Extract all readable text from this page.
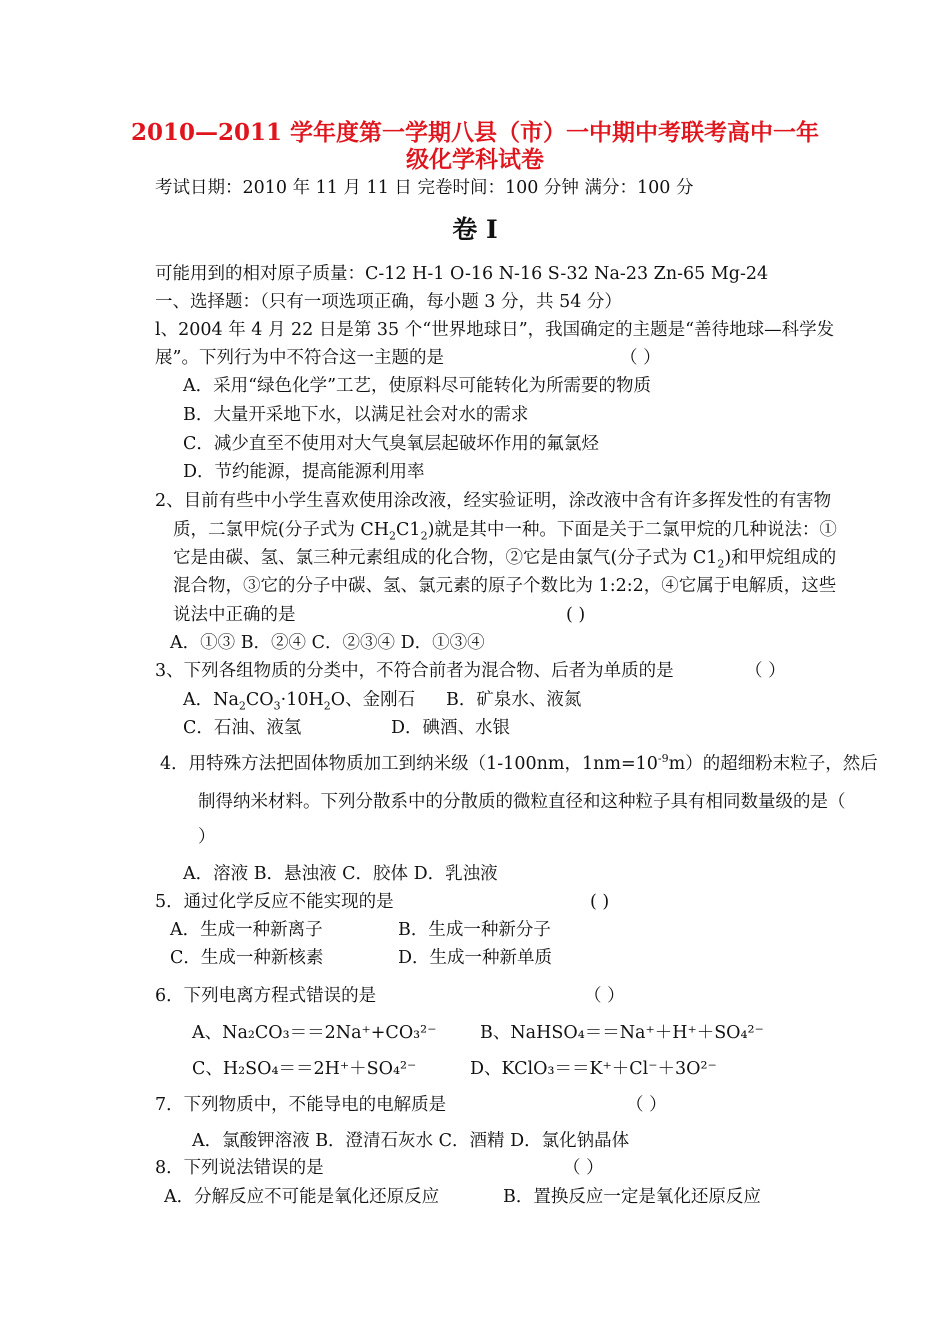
2010—2011 学年度第一学期八县（市）一中期中考联考高中一年
级化学科试卷
考试日期：2010 年 11 月 11 日 完卷时间：100 分钟 满分：100 分
卷 Ⅰ
可能用到的相对原子质量：C-12 H-1 O-16 N-16 S-32 Na-23 Zn-65 Mg-24
一、选择题：（只有一项选项正确，每小题 3 分，共 54 分）
l、2004 年 4 月 22 日是第 35 个“世界地球日”，我国确定的主题是“善待地球—科学发
展”。下列行为中不符合这一主题的是	（ ）
A．采用“绿色化学”工艺，使原料尽可能转化为所需要的物质
B．大量开采地下水，以满足社会对水的需求
C．减少直至不使用对大气臭氧层起破坏作用的氟氯烃
D．节约能源，提高能源利用率
2、目前有些中小学生喜欢使用涂改液，经实验证明，涂改液中含有许多挥发性的有害物
质，二氯甲烷(分子式为 $CH_2C1_2$)就是其中一种。下面是关于二氯甲烷的几种说法：①
它是由碳、氢、氯三种元素组成的化合物，②它是由氯气(分子式为 $C1_2$)和甲烷组成的
混合物，③它的分子中碳、氢、氯元素的原子个数比为 1:2:2，④它属于电解质，这些
说法中正确的是	( )
A．①③ B．②④ C．②③④ D．①③④
3、下列各组物质的分类中，不符合前者为混合物、后者为单质的是	（ ）
A．$Na_2CO_3\cdot 10H_2O$、金刚石 B．矿泉水、液氮
C．石油、液氢	D．碘酒、水银
4．用特殊方法把固体物质加工到纳米级（1-100nm，$1nm=10^{-9}m$）的超细粉末粒子，然后
制得纳米材料。下列分散系中的分散质的微粒直径和这种粒子具有相同数量级的是（
）
A．溶液 B．悬浊液 C．胶体 D．乳浊液
5．通过化学反应不能实现的是	( )
A．生成一种新离子	B．生成一种新分子
C．生成一种新核素	D．生成一种新单质
6．下列电离方程式错误的是	（ ）
A、Na₂CO₃＝＝2Na⁺+CO₃²⁻ B、NaHSO₄＝＝Na⁺＋H⁺＋SO₄²⁻
C、H₂SO₄＝＝2H⁺＋SO₄²⁻	D、KClO₃＝＝K⁺＋Cl⁻＋3O²⁻
7．下列物质中，不能导电的电解质是	（ ）
A．氯酸钾溶液 B．澄清石灰水 C．酒精 D．氯化钠晶体
8．下列说法错误的是	（ ）
A．分解反应不可能是氧化还原反应	B．置换反应一定是氧化还原反应
